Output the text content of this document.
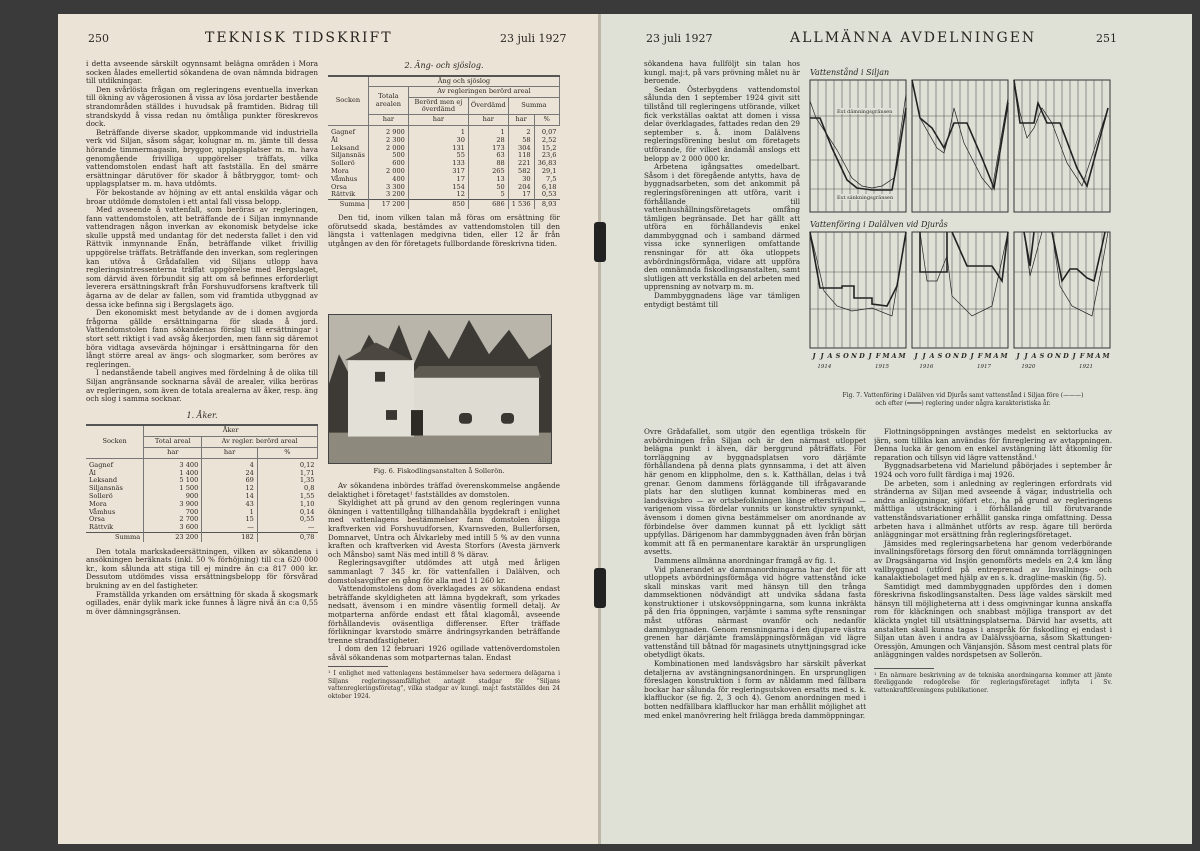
250	TEKNISK TIDSKRIFT	23 juli 1927

i detta avseende särskilt ogynnsamt belägna områden i Mora socken ålades emellertid sökandena de ovan nämnda bidragen till utdikningar.

Den svårlösta frågan om regleringens eventuella inverkan till ökning av vågerosionen å vissa av lösa jordarter bestående strandområden ställdes i huvudsak på framtiden. Bidrag till strandskydd å vissa redan nu ömtåliga punkter föreskrevos dock.

Beträffande diverse skador, uppkommande vid industriella verk vid Siljan, såsom sågar, kolugnar m. m. jämte till dessa hörande timmermagasin, bryggor, upplagsplatser m. m. hava genomgående frivilliga uppgörelser träffats, vilka vattendomstolen endast haft att fastställa. En del smärre ersättningar därutöver för skador å båtbryggor, tomt- och upplagsplatser m. m. hava utdömts.

För bekostande av höjning av ett antal enskilda vägar och broar utdömde domstolen i ett antal fall vissa belopp.

Med avseende å vattenfall, som beröras av regleringen, fann vattendomstolen, att beträffande de i Siljan inmynnande vattendragen någon inverkan av ekonomisk betydelse icke skulle uppstå med undantag för det nedersta fallet i den vid Rättvik inmynnande Enån, beträffande vilket frivillig uppgörelse träffats. Beträffande den inverkan, som regleringen kan utöva å Grådafallen vid Siljans utlopp hava regleringsintressenterna träffat uppgörelse med Bergslaget, som därvid även förbundit sig att om så befinnes erforderligt leverera ersättningskraft från Forshuvudforsens kraftverk till ägarna av de delar av fallen, som vid framtida utbyggnad av dessa icke befinna sig i Bergslagets ägo.

Den ekonomiskt mest betydande av de i domen avgjorda frågorna gällde ersättningarna för skada å jord. Vattendomstolen fann sökandenas förslag till ersättningar i stort sett riktigt i vad avsåg åkerjorden, men fann sig däremot böra vidtaga avsevärda höjningar i ersättningarna för den långt större areal av ängs- och slogmarker, som beröres av regleringen.

I nedanstående tabell angives med fördelning å de olika till Siljan angränsande socknarna såväl de arealer, vilka beröras av regleringen, som även de totala arealerna av åker, resp. äng och slog i samma socknar.

1. Åker.
Socken	Åker		
	Total areal	Av regler. berörd areal	
	har	har	%

Gagnef	3 400	4	0,12
Ål	1 400	24	1,71
Leksand	5 100	69	1,35
Siljansnäs	1 500	12	0,8
Sollerö	900	14	1,55
Mora	3 900	43	1,10
Våmhus	700	1	0,14
Orsa	2 700	15	0,55
Rättvik	3 600	—	—
Summa	23 200	182	0,78

Den totala markskadeersättningen, vilken av sökandena i ansökningen beräknats (inkl. 50 % förhöjning) till c:a 620 000 kr., kom sålunda att stiga till ej mindre än c:a 817 000 kr. Dessutom utdömdes vissa ersättningsbelopp för försvårad brukning av en del fastigheter.

Framställda yrkanden om ersättning för skada å skogsmark ogillades, enär dylik mark icke funnes å lägre nivå än c:a 0,55 m över dämningsgränsen.

2. Äng- och sjöslog.
Socken	Äng och sjöslog				
	Totala arealen	Av regleringen berörd areal			
		Berörd men ej överdämd	Överdämd	Summa	
	har	har	har	har	%

Gagnef	2 900	1	1	2	0,07
Ål	2 300	30	28	58	2,52
Leksand	2 000	131	173	304	15,2
Siljansnäs	500	55	63	118	23,6
Sollerö	600	133	88	221	36,83
Mora	2 000	317	265	582	29,1
Våmhus	400	17	13	30	7,5
Orsa	3 300	154	50	204	6,18
Rättvik	3 200	12	5	17	0,53
Summa	17 200	850	686	1 536	8,93

Den tid, inom vilken talan må föras om ersättning för oförutsedd skada, bestämdes av vattendomstolen till den längsta i vattenlagen medgivna tiden, eller 12 år från utgången av den för företagets fullbordande föreskrivna tiden.

Fig. 6. Fiskodlingsanstalten å Sollerön.

Av sökandena inbördes träffad överenskommelse angående delaktighet i företaget¹ fastställdes av domstolen.

Skyldighet att på grund av den genom regleringen vunna ökningen i vattentillgång tillhandahålla bygdekraft i enlighet med vattenlagens bestämmelser fann domstolen åligga kraftverken vid Forshuvudforsen, Kvarnsveden, Bullerforsen, Domnarvet, Untra och Älvkarleby med intill 5 % av den vunna kraften och kraftverken vid Avesta Storfors (Avesta järnverk och Månsbo) samt Näs med intill 8 % därav.

Regleringsavgifter utdömdes att utgå med årligen sammanlagt 7 345 kr. för vattenfallen i Dalälven, och domstolsavgifter en gång för alla med 11 260 kr.

Vattendomstolens dom överklagades av sökandena endast beträffande skyldigheten att lämna bygdekraft, som yrkades nedsatt, ävensom i en mindre väsentlig formell detalj. Av motparterna anförde endast ett fåtal klagomål, avseende förhållandevis oväsentliga differenser. Efter träffade förlikningar kvarstodo smärre ändringsyrkanden beträffande trenne strandfastigheter.

I dom den 12 februari 1926 ogillade vattenöverdomstolen såväl sökandenas som motparternas talan. Endast

¹ I enlighet med vattenlagens bestämmelser hava sedermera delägarna i Siljans regleringssamfällighet antagit stadgar för "Siljans vattenregleringsföretag", vilka stadgar av kungl. maj:t fastställdes den 24 oktober 1924.
23 juli 1927	ALLMÄNNA AVDELNINGEN	251

sökandena hava fullföljt sin talan hos kungl. maj:t, på vars prövning målet nu är beroende.

Sedan Österbygdens vattendomstol sålunda den 1 september 1924 givit sitt tillstånd till regleringens utförande, vilket fick verkställas oaktat att domen i vissa delar överklagades, fattades redan den 29 september s. å. inom Dalälvens regleringsförening beslut om företagets utförande, för vilket ändamål anslogs ett belopp av 2 000 000 kr.

Arbetena igångsattes omedelbart. Såsom i det föregående antytts, hava de byggnadsarbeten, som det ankommit på regleringsföreningen att utföra, varit i förhållande till vattenhushållningsföretagets omfång tämligen begränsade. Det har gällt att utföra en förhållandevis enkel dammbyggnad och i samband därmed vissa icke synnerligen omfattande rensningar för att öka utloppets avbördningsförmåga, vidare att uppföra den omnämnda fiskodlingsanstalten, samt slutligen att verkställa en del arbeten med upprensning av notvarp m. m.

Dammbyggnadens läge var tämligen entydigt bestämt till

Övre Grådafallet, som utgör den egentliga tröskeln för avbördningen från Siljan och är den närmast utloppet belägna punkt i älven, där berggrund påträffats. För torrläggning av byggnadsplatsen voro därjämte förhållandena på denna plats gynnsamma, i det att älven här genom en klippholme, den s. k. Katthällan, delas i två grenar. Genom dammens förläggande till ifrågavarande plats har den slutligen kunnat kombineras med en landsvägsbro — av ortsbefolkningen länge eftersträvad — varigenom vissa fördelar vunnits ur konstruktiv synpunkt, ävensom i domen givna bestämmelser om anordnande av förbindelse över dammen kunnat på ett lyckligt sätt uppfyllas. Därigenom har dammbyggnaden även från början kommit att få en permanentare karaktär än ursprungligen avsetts.

Dammens allmänna anordningar framgå av fig. 1.

Vid planerandet av dammanordningarna har det för att utloppets avbördningsförmåga vid högre vattenstånd icke skall minskas varit med hänsyn till den trånga dammsektionen nödvändigt att undvika sådana fasta konstruktioner i utskovsöppningarna, som kunna inkräkta på den fria öppningen, varjämte i samma syfte rensningar måst utföras närmast ovanför och nedanför dammbyggnaden. Genom rensningarna i den djupare västra grenen har därjämte framsläppningsförmågan vid lägre vattenstånd till båtnad för magasinets utnyttjningsgrad icke obetydligt ökats.

Kombinationen med landsvägsbro har särskilt påverkat detaljerna av avstängningsanordningen. En ursprungligen föreslagen konstruktion i form av nåldamm med fällbara bockar har sålunda för regleringsutskoven ersatts med s. k. klaffluckor (se fig. 2, 3 och 4). Genom anordningen med i botten nedfällbara klaffluckor har man erhållit möjlighet att med enkel manövrering helt frilägga breda dammöppningar.

Vattenstånd i Siljan
J J A S O N D J F M A M
1914	1915
J J A S O N D J F M A M
1916	1917
J J A S O N D J F M A M
1920	1921
Vattenföring i Dalälven vid Djurås
Ext dämningsgränsen
Ext sänkningsgränsen
Fig. 7. Vattenföring i Dalälven vid Djurås samt vattenstånd i Siljan före (———)
och efter (━━━━) reglering under några karakteristiska år.

Flottningsöppningen avstänges medelst en sektorlucka av järn, som tillika kan användas för finreglering av avtappningen. Denna lucka är genom en enkel avstängning lätt åtkomlig för reparation och tillsyn vid lägre vattenstånd.¹

Byggnadsarbetena vid Marielund påbörjades i september år 1924 och voro fullt färdiga i maj 1926.

De arbeten, som i anledning av regleringen erfordrats vid stränderna av Siljan med avseende å vägar, industriella och andra anläggningar, sjöfart etc., ha på grund av regleringens måttliga utsträckning i förhållande till förutvarande vattenståndsvariationer erhållit ganska ringa omfattning. Dessa arbeten hava i allmänhet utförts av resp. ägare till berörda anläggningar mot ersättning från regleringsföretaget.

Jämsides med regleringsarbetena har genom vederbörande invallningsföretags försorg den förut omnämnda torrläggningen av Dragsängarna vid Insjön genomförts medels en 2,4 km lång vallbyggnad (utförd på entreprenad av Invallnings- och kanalaktiebolaget med hjälp av en s. k. dragline-maskin (fig. 5).

Samtidigt med dammbyggnaden uppfördes den i domen föreskrivna fiskodlingsanstalten. Dess läge valdes särskilt med hänsyn till möjligheterna att i dess omgivningar kunna anskaffa rom för kläckningen och snabbast möjliga transport av det kläckta ynglet till utsättningsplatserna. Därvid har avsetts, att anstalten skall kunna tagas i anspråk för fiskodling ej endast i Siljan utan även i andra av Dalälvssjöarna, såsom Skattungen-Oressjön, Amungen och Vänjansjön. Såsom mest central plats för anläggningen valdes nordspetsen av Sollerön.

¹ En närmare beskrivning av de tekniska anordningarna kommer att jämte föreliggande redogörelse för regleringsföretaget inflyta i Sv. vattenkraftföreningens publikationer.
